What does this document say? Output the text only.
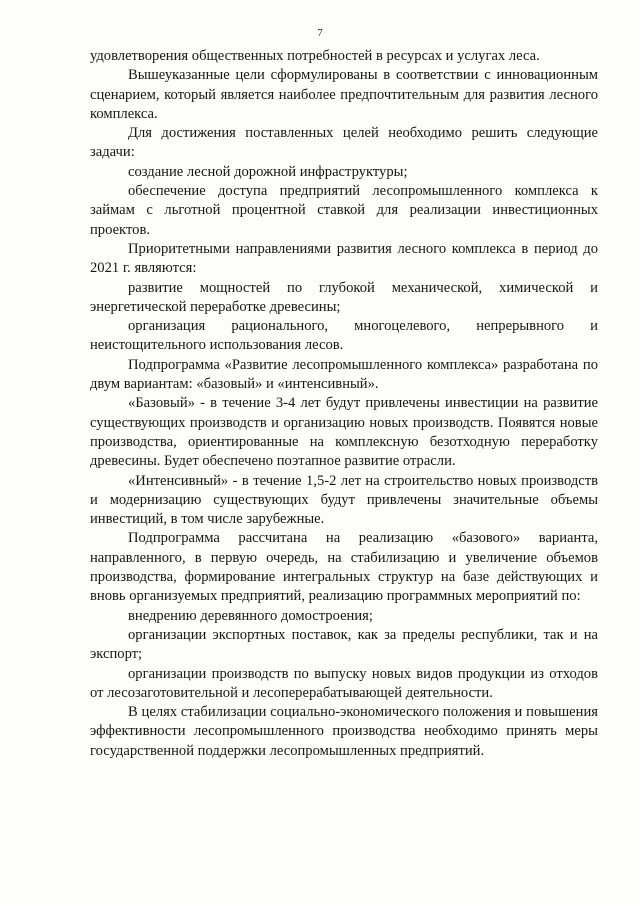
7

удовлетворения общественных потребностей в ресурсах и услугах леса.

Вышеуказанные цели сформулированы в соответствии с инновационным сценарием, который является наиболее предпочтительным для развития лесного комплекса.

Для достижения поставленных целей необходимо решить следующие задачи:

создание лесной дорожной инфраструктуры;

обеспечение доступа предприятий лесопромышленного комплекса к займам с льготной процентной ставкой для реализации инвестиционных проектов.

Приоритетными направлениями развития лесного комплекса в период до 2021 г. являются:

развитие мощностей по глубокой механической, химической и энергетической переработке древесины;

организация рационального, многоцелевого, непрерывного и неистощительного использования лесов.

Подпрограмма «Развитие лесопромышленного комплекса» разработана по двум вариантам: «базовый» и «интенсивный».

«Базовый» - в течение 3-4 лет будут привлечены инвестиции на развитие существующих производств и организацию новых производств. Появятся новые производства, ориентированные на комплексную безотходную переработку древесины. Будет обеспечено поэтапное развитие отрасли.

«Интенсивный» - в течение 1,5-2 лет на строительство новых производств и модернизацию существующих будут привлечены значительные объемы инвестиций, в том числе зарубежные.

Подпрограмма рассчитана на реализацию «базового» варианта, направленного, в первую очередь, на стабилизацию и увеличение объемов производства, формирование интегральных структур на базе действующих и вновь организуемых предприятий, реализацию программных мероприятий по:

внедрению деревянного домостроения;

организации экспортных поставок, как за пределы республики, так и на экспорт;

организации производств по выпуску новых видов продукции из отходов от лесозаготовительной и лесоперерабатывающей деятельности.

В целях стабилизации социально-экономического положения и повышения эффективности лесопромышленного производства необходимо принять меры государственной поддержки лесопромышленных предприятий.
